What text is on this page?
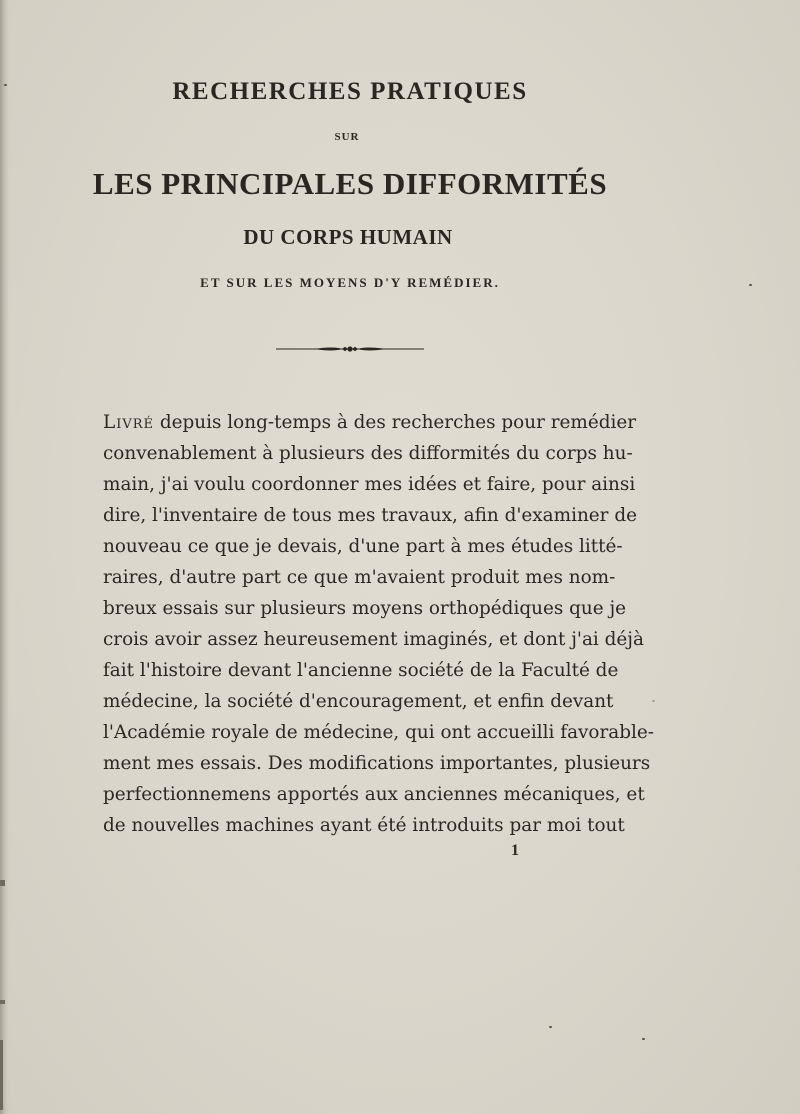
RECHERCHES PRATIQUES
SUR
LES PRINCIPALES DIFFORMITÉS
DU CORPS HUMAIN
ET SUR LES MOYENS D'Y REMÉDIER.
Livré depuis long-temps à des recherches pour remédier
convenablement à plusieurs des difformités du corps hu-
main, j'ai voulu coordonner mes idées et faire, pour ainsi
dire, l'inventaire de tous mes travaux, afin d'examiner de
nouveau ce que je devais, d'une part à mes études litté-
raires, d'autre part ce que m'avaient produit mes nom-
breux essais sur plusieurs moyens orthopédiques que je
crois avoir assez heureusement imaginés, et dont j'ai déjà
fait l'histoire devant l'ancienne société de la Faculté de
médecine, la société d'encouragement, et enfin devant
l'Académie royale de médecine, qui ont accueilli favorable-
ment mes essais. Des modifications importantes, plusieurs
perfectionnemens apportés aux anciennes mécaniques, et
de nouvelles machines ayant été introduits par moi tout
1
